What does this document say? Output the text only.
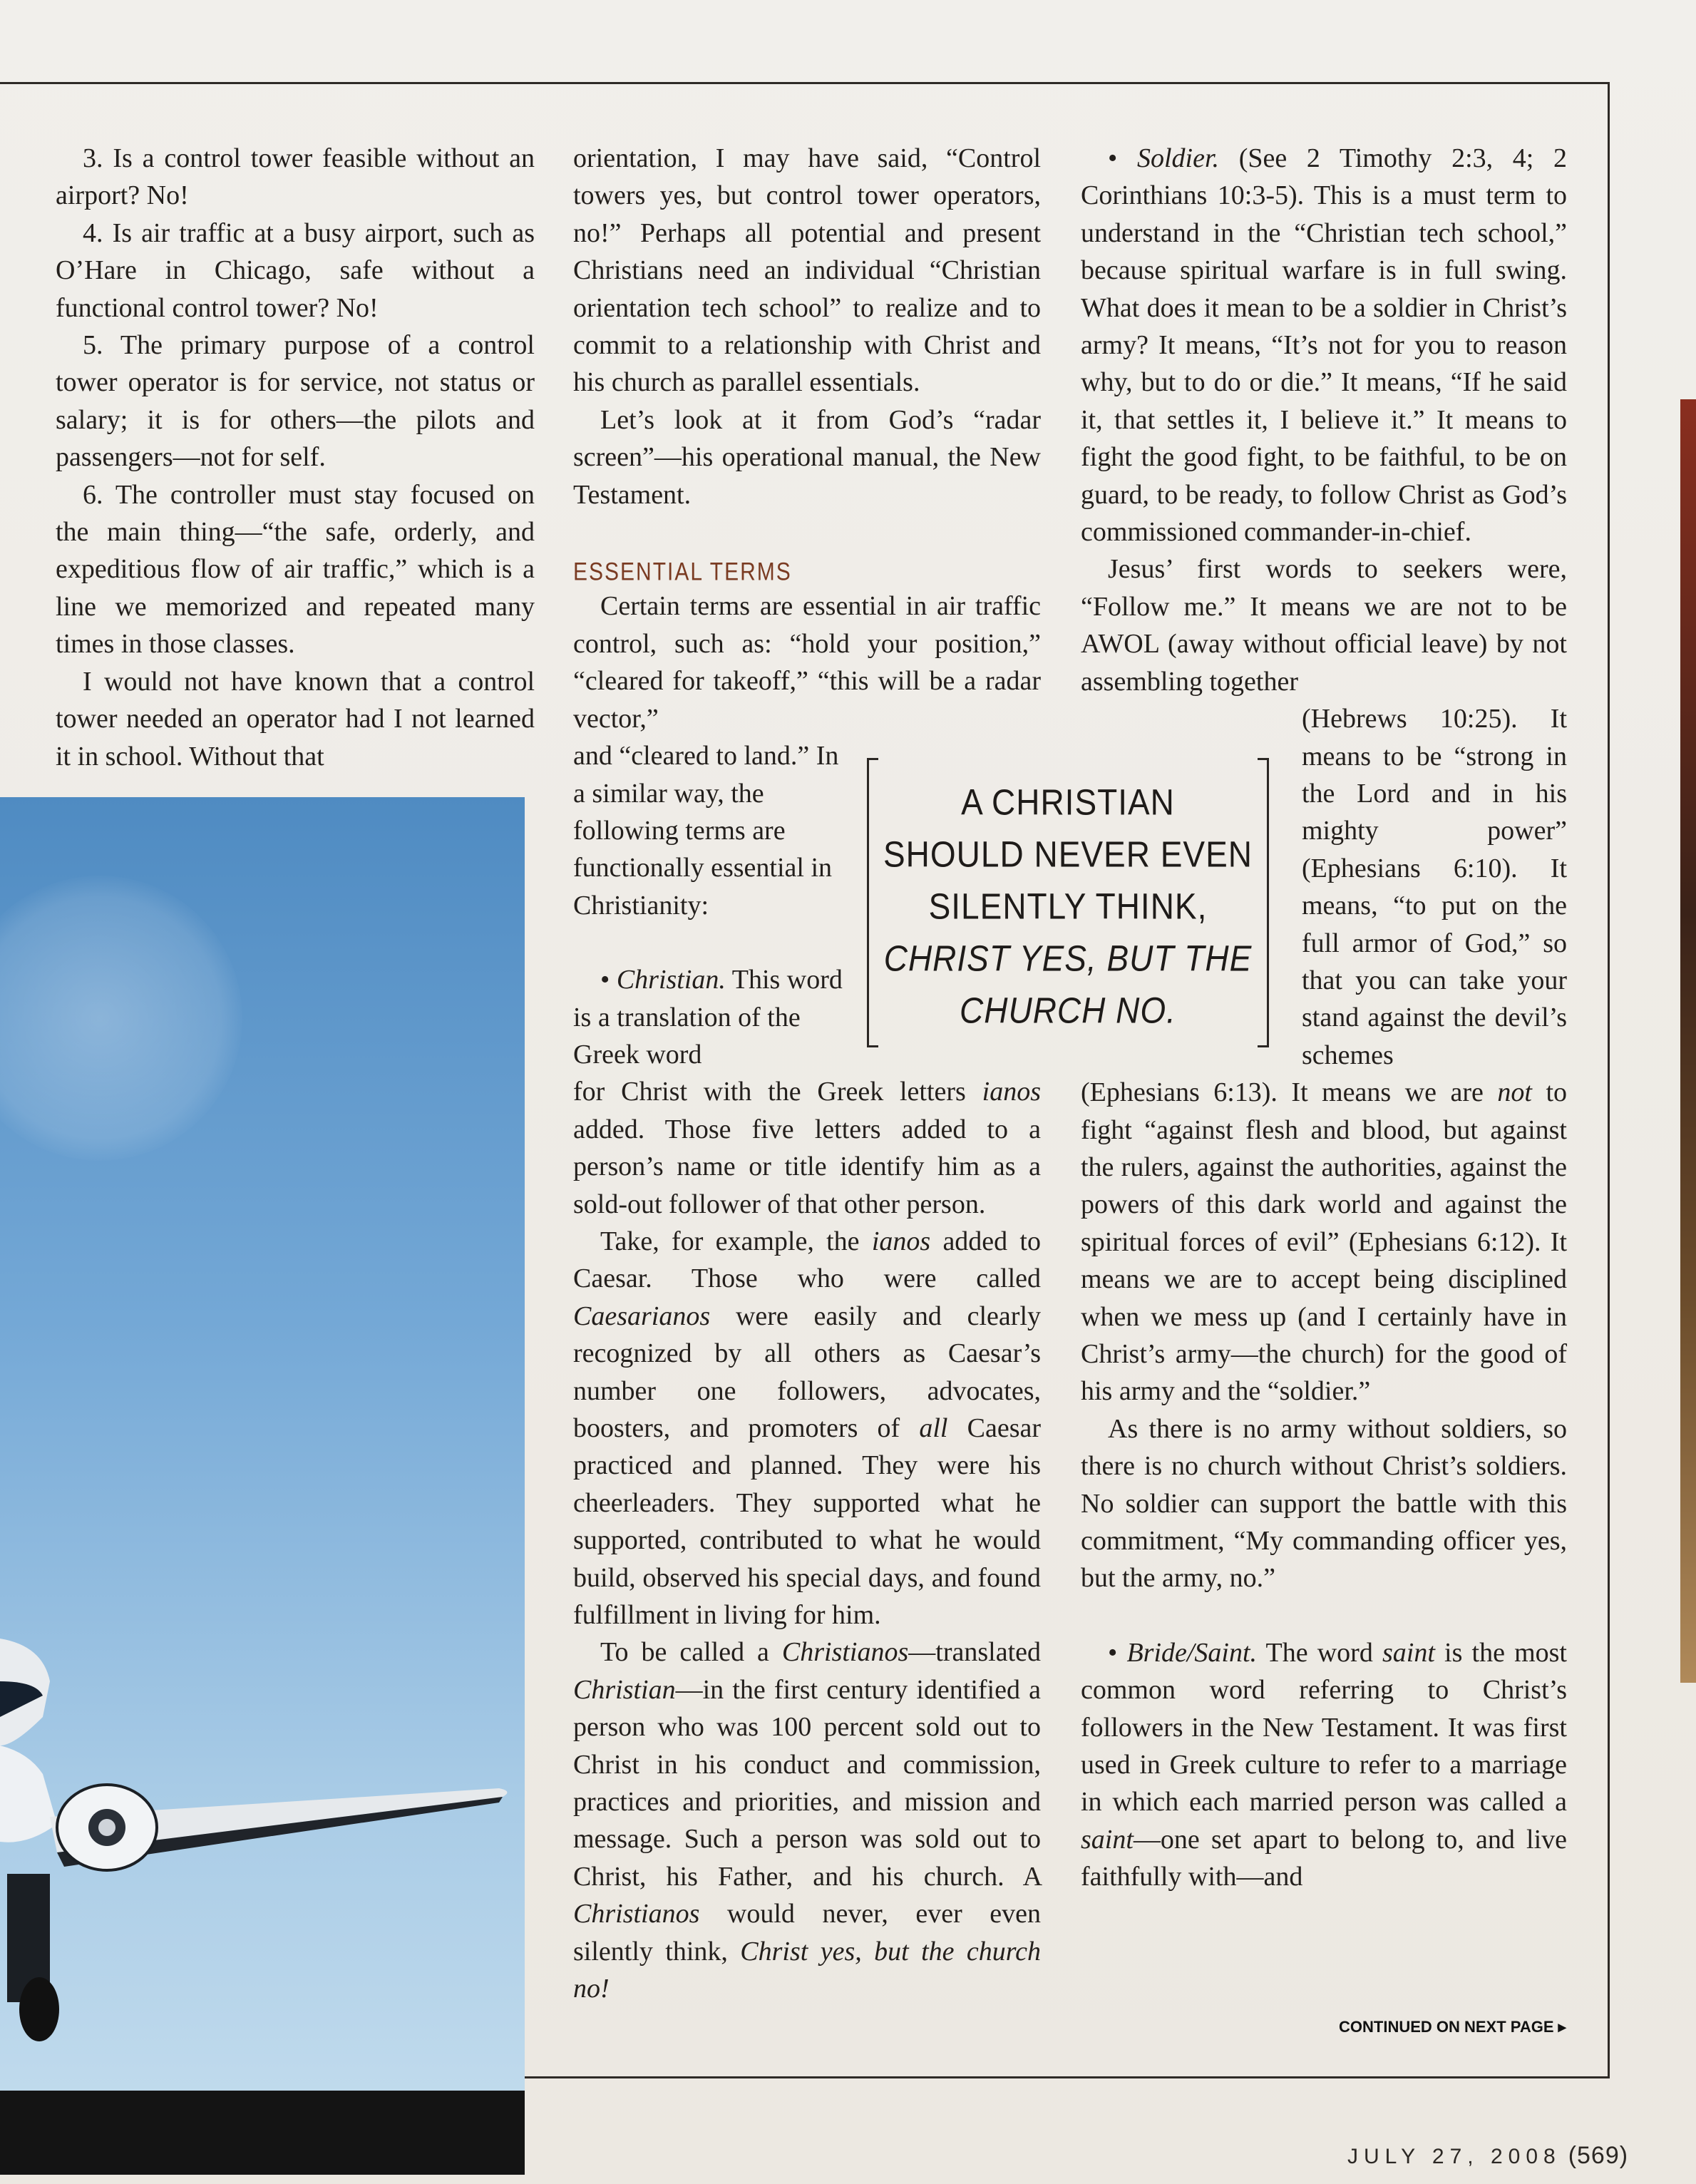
3. Is a control tower feasible without an airport? No!

4. Is air traffic at a busy airport, such as O’Hare in Chicago, safe without a functional control tower? No!

5. The primary purpose of a control tower operator is for service, not status or salary; it is for others—the pilots and passengers—not for self.

6. The controller must stay focused on the main thing—“the safe, orderly, and expeditious flow of air traffic,” which is a line we memorized and repeated many times in those classes.

I would not have known that a control tower needed an operator had I not learned it in school. Without that

orientation, I may have said, “Control towers yes, but control tower operators, no!” Perhaps all potential and present Christians need an individual “Christian orientation tech school” to realize and to commit to a relationship with Christ and his church as parallel essentials.

Let’s look at it from God’s “radar screen”—his operational manual, the New Testament.

ESSENTIAL TERMS

Certain terms are essential in air traffic control, such as: “hold your position,” “cleared for takeoff,” “this will be a radar vector,”

and “cleared to land.” In a similar way, the following terms are functionally essential in Christianity:

• Christian. This word is a translation of the Greek word

for Christ with the Greek letters ianos added. Those five letters added to a person’s name or title identify him as a sold-out follower of that other person.

Take, for example, the ianos added to Caesar. Those who were called Caesarianos were easily and clearly recognized by all others as Caesar’s number one followers, advocates, boosters, and promoters of all Caesar practiced and planned. They were his cheerleaders. They supported what he supported, contributed to what he would build, observed his special days, and found fulfillment in living for him.

To be called a Christianos—translated Christian—in the first century identified a person who was 100 percent sold out to Christ in his conduct and commission, practices and priorities, and mission and message. Such a person was sold out to Christ, his Father, and his church. A Christianos would never, ever even silently think, Christ yes, but the church no!

A CHRISTIAN
SHOULD NEVER EVEN
SILENTLY THINK,
CHRIST YES, BUT THE
CHURCH NO.

• Soldier. (See 2 Timothy 2:3, 4; 2 Corinthians 10:3-5). This is a must term to understand in the “Christian tech school,” because spiritual warfare is in full swing. What does it mean to be a soldier in Christ’s army? It means, “It’s not for you to reason why, but to do or die.” It means, “If he said it, that settles it, I believe it.” It means to fight the good fight, to be faithful, to be on guard, to be ready, to follow Christ as God’s commissioned commander-in-chief.

Jesus’ first words to seekers were, “Follow me.” It means we are not to be AWOL (away without official leave) by not assembling together

(Hebrews 10:25). It means to be “strong in the Lord and in his mighty power” (Ephesians 6:10). It means, “to put on the full armor of God,” so that you can take your stand against the devil’s schemes

(Ephesians 6:13). It means we are not to fight “against flesh and blood, but against the rulers, against the authorities, against the powers of this dark world and against the spiritual forces of evil” (Ephesians 6:12). It means we are to accept being disciplined when we mess up (and I certainly have in Christ’s army—the church) for the good of his army and the “soldier.”

As there is no army without soldiers, so there is no church without Christ’s soldiers. No soldier can support the battle with this commitment, “My commanding officer yes, but the army, no.”

• Bride/Saint. The word saint is the most common word referring to Christ’s followers in the New Testament. It was first used in Greek culture to refer to a marriage in which each married person was called a saint—one set apart to belong to, and live faithfully with—and

CONTINUED ON NEXT PAGE ▸
JULY 27, 2008 (569)
